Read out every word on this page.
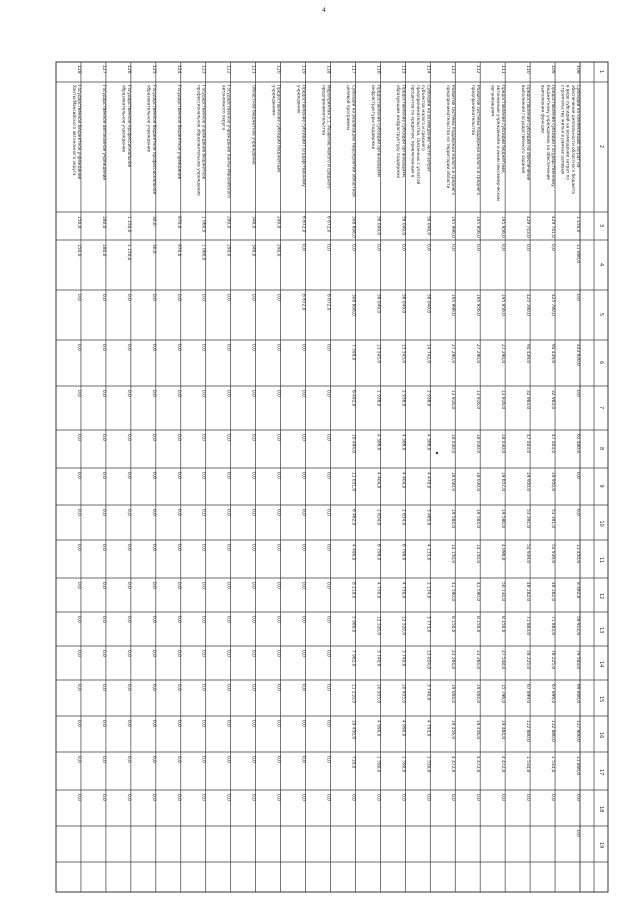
1
2
3
4
5
6
7
8
9
10
11
12
13
14
15
16
17
18
19
108
Субсидии на компенсацию затрат на
обеспечение деятельности областного бюджета
в виде субсидий на возмещение затрат по
строительству жилья в рамках целевых
1 150,0
11 000,0
0,0
443 920,0
0,0
62 480,0
0,0
0,0
11 450,0
8 462,0
58 912,0
79 583,0
69 800,0
117 900,0
11 800,0
0,0
0,0
109
Предоставление субсидии Государственному
бюджетному учреждению на обеспечение
выполнения функции
429 741,0
0,0
425 780,0
94 439,0
32 983,0
47 403,0
19 950,0
53 391,0
54 939,0
46 182,0
71 883,0
78 225,0
67 899,0
112 880,0
1 534,0
0,0
110
Предоставление субсидий на обеспечение
выполнения государственного задания
429 743,0
0,0
425 780,0
94 439,0
32 983,0
47 403,0
19 950,0
53 391,0
54 939,0
46 182,0
71 883,0
78 225,0
67 899,0
112 880,0
1 534,0
0,0
111
Предоставление субсидий бюджетным,
автономным учреждениям и иным некоммерческим
организациям
195 956,0
0,0
195 956,0
27 290,0
13 916,0
18 030,0
19 657,0
19 580,0
4 096,0
50 734,0
8 150,0
27 548,0
15 796,0
19 464,0
4 472,0
0,0
112
Развитие системы поддержки малого и среднего
предпринимательства
195 956,0
0,0
195 956,0
27 290,0
13 916,0
18 030,0
18 030,0
19 584,0
14 150,0
41 590,0
8 150,0
23 264,0
19 004,0
19 456,0
4 472,0
0,0
113
Развитие системы поддержки малого и среднего
предпринимательства на территории области
195 996,0
0,0
195 996,0
27 290,0
13 916,0
18 030,0
18 030,0
19 584,0
14 150,0
41 590,0
8 150,0
23 264,0
19 004,0
19 456,0
4 472,0
0,0
114
Субсидии на возмещение части затрат
субъектов малого и среднего
предпринимательства, связанных с уплатой
процентов по кредитам, привлеченным в
58 049,0
0,0
58 049,0
14 742,0
2 936,0
4 386,0
4 470,0
3 465,0
4 133,0
2 134,0
3 773,0
13 024,0
3 740,0
4 793,0
1 530,0
0,0
115
Предоставление субсидий организациям,
образующим инфраструктуру поддержки
56 049,0
0,0
56 049,0
13 545,0
2 936,0
4 386,0
4 404,0
2 634,0
6 796,0
4 750,0
12 520,0
3 740,0
10 955,0
4 990,0
1 590,0
0,0
116
Предоставление субсидий организациям
инфраструктуры поддержки
56 049,0
0,0
56 049,0
13 545,0
2 936,0
4 386,0
4 404,0
2 634,0
6 796,0
4 750,0
12 520,0
3 740,0
10 955,0
4 990,0
1 590,0
0,0
117
Субсидии на реализацию мероприятий областной
целевой программы
308 898,0
0,0
308 898,0
7 599,0
6 492,0
10 484,0
11 031,0
6 462,0
4 490,0
8 219,0
5 980,0
7 982,0
11 210,0
19 450,0
710,0
0,0
118
Мероприятия 3.1. Развитие малого и среднего
предпринимательства
6 672,0
0,0
6 672,0
0,0
0,0
0,0
0,0
0,0
0,0
0,0
0,0
0,0
0,0
0,0
0,0
0,0
119
Предоставление субсидий Государственному
учреждению
6 672,0
0,0
6 672,0
0,0
0,0
0,0
0,0
0,0
0,0
0,0
0,0
0,0
0,0
0,0
0,0
0,0
120
Предоставление субсидий бюджетным
учреждениям
290,0
290,0
0,0
0,0
0,0
0,0
0,0
0,0
0,0
0,0
0,0
0,0
0,0
0,0
0,0
0,0
121
Областное бюджетное учреждение
346,0
346,0
0,0
0,0
0,0
0,0
0,0
0,0
0,0
0,0
0,0
0,0
0,0
0,0
0,0
0,0
122
Государственное учреждение Ханты-Мансийского
автономного округа
290,0
290,0
0,0
0,0
0,0
0,0
0,0
0,0
0,0
0,0
0,0
0,0
0,0
0,0
0,0
0,0
123
Государственное учреждение бюджетное
профессиональное образовательное учреждение
1 060,0
1 060,0
0,0
0,0
0,0
0,0
0,0
0,0
0,0
0,0
0,0
0,0
0,0
0,0
0,0
0,0
124
Государственное бюджетное учреждение
970,0
970,0
0,0
0,0
0,0
0,0
0,0
0,0
0,0
0,0
0,0
0,0
0,0
0,0
0,0
0,0
125
Государственное бюджетное профессиональное
образовательное учреждение
30,0
30,0
0,0
0,0
0,0
0,0
0,0
0,0
0,0
0,0
0,0
0,0
0,0
0,0
0,0
0,0
126
Государственное профессиональное
образовательное учреждение
1 150,0
1 150,0
0,0
0,0
0,0
0,0
0,0
0,0
0,0
0,0
0,0
0,0
0,0
0,0
0,0
0,0
127
Государственное автономное учреждение
180,0
180,0
0,0
0,0
0,0
0,0
0,0
0,0
0,0
0,0
0,0
0,0
0,0
0,0
0,0
0,0
128
Государственное бюджетное учреждение
Ханты-Мансийского автономного округа
150,0
150,0
0,0
0,0
0,0
0,0
0,0
0,0
0,0
0,0
0,0
0,0
0,0
0,0
0,0
0,0
4
